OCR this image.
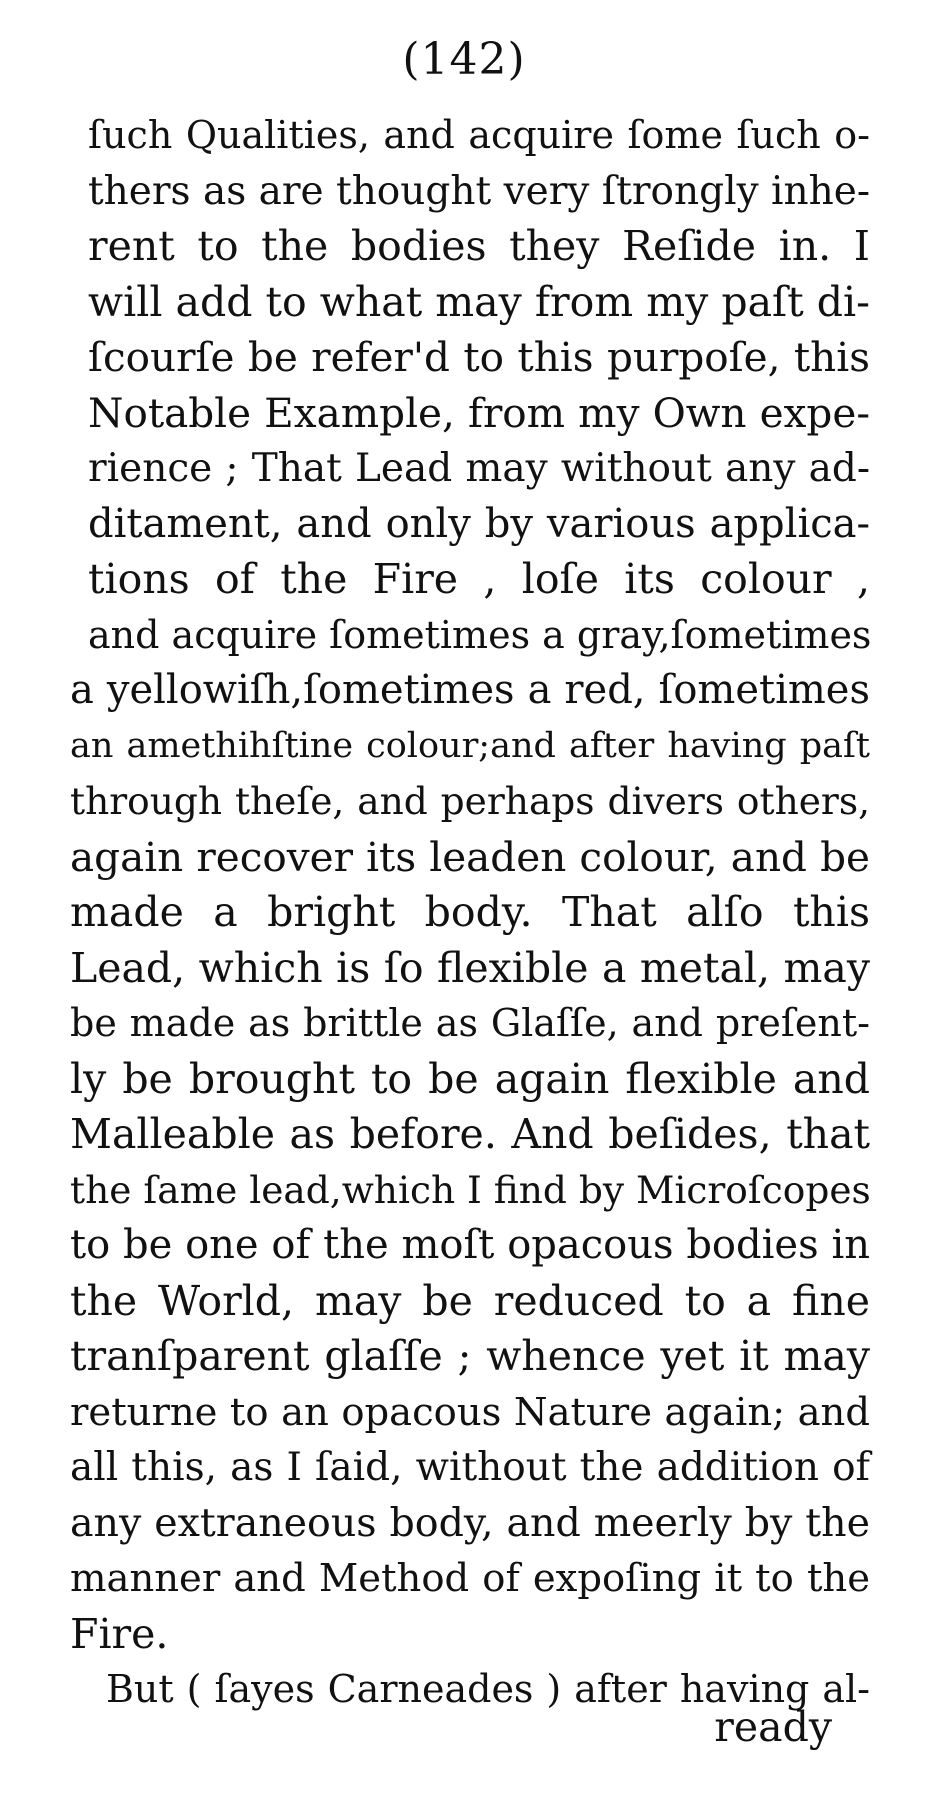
(142)
ſuch Qualities, and acquire ſome ſuch o-
thers as are thought very ſtrongly inhe-
rent to the bodies they Reſide in. I
will add to what may from my paſt di-
ſcourſe be refer'd to this purpoſe, this
Notable Example, from my Own expe-
rience ; That Lead may without any ad-
ditament, and only by various applica-
tions of the Fire , loſe its colour ,
and acquire ſometimes a gray,ſometimes
a yellowiſh,ſometimes a red, ſometimes
an amethihſtine colour;and after having paſt
through theſe, and perhaps divers others,
again recover its leaden colour, and be
made a bright body. That alſo this
Lead, which is ſo flexible a metal, may
be made as brittle as Glaſſe, and preſent-
ly be brought to be again flexible and
Malleable as before. And beſides, that
the ſame lead,which I find by Microſcopes
to be one of the moſt opacous bodies in
the World, may be reduced to a fine
tranſparent glaſſe ; whence yet it may
returne to an opacous Nature again; and
all this, as I ſaid, without the addition of
any extraneous body, and meerly by the
manner and Method of expoſing it to the
Fire.
But ( ſayes Carneades ) after having al-
ready
